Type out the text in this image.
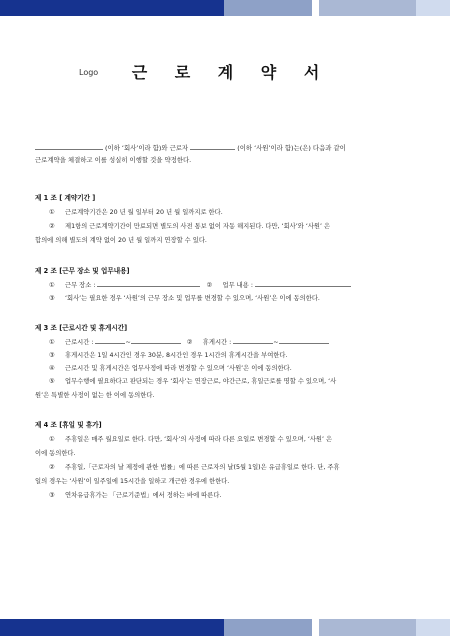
Logo	근 로 계 약 서
(이하 ‘회사’이라 함)와 근로자	(이하 ‘사원’이라 함)는(은) 다음과 같이
근로계약을 체결하고 이를 성실히 이행할 것을 약정한다.
제 1 조 [ 계약기간 ]
① 근로계약기간은 20 년 월 일부터 20 년 월 일까지로 한다.
② 제1항의 근로계약기간이 만료되면 별도의 사전 통보 없이 자동 해지된다. 다만, ‘회사’와 ‘사원’ 은
합의에 의해 별도의 계약 없이 20 년 월 일까지 연장할 수 있다.
제 2 조 [근무 장소 및 업무내용]
① 근무 장소 :	② 업무 내용 :
③ ‘회사’는 필요한 경우 ‘사원’의 근무 장소 및 업무를 변경할 수 있으며, ‘사원’은 이에 동의한다.
제 3 조 [근로시간 및 휴게시간]
① 근로시간 :	~	② 휴게시간 :	~
③ 휴게시간은 1일 4시간인 경우 30분, 8시간인 경우 1시간의 휴게시간을 부여한다.
④ 근로시간 및 휴게시간은 업무사정에 따라 변경할 수 있으며 ‘사원’은 이에 동의한다.
⑤ 업무수행에 필요하다고 판단되는 경우 ‘회사’는 연장근로, 야간근로, 휴일근로를 명할 수 있으며, ‘사
원’은 특별한 사정이 없는 한 이에 동의한다.
제 4 조 [휴일 및 휴가]
① 주휴일은 매주 월요일로 한다. 다만, ‘회사’의 사정에 따라 다른 요일로 변경할 수 있으며, ‘사원’ 은
이에 동의한다.
② 주휴일,「근로자의 날 제정에 관한 법률」에 따른 근로자의 날(5월 1일)은 유급휴일로 한다. 단, 주휴
일의 경우는 ‘사원’이 일주일에 15시간을 일하고 개근한 경우에 한한다.
③ 연차유급휴가는 「근로기준법」에서 정하는 바에 따른다.
